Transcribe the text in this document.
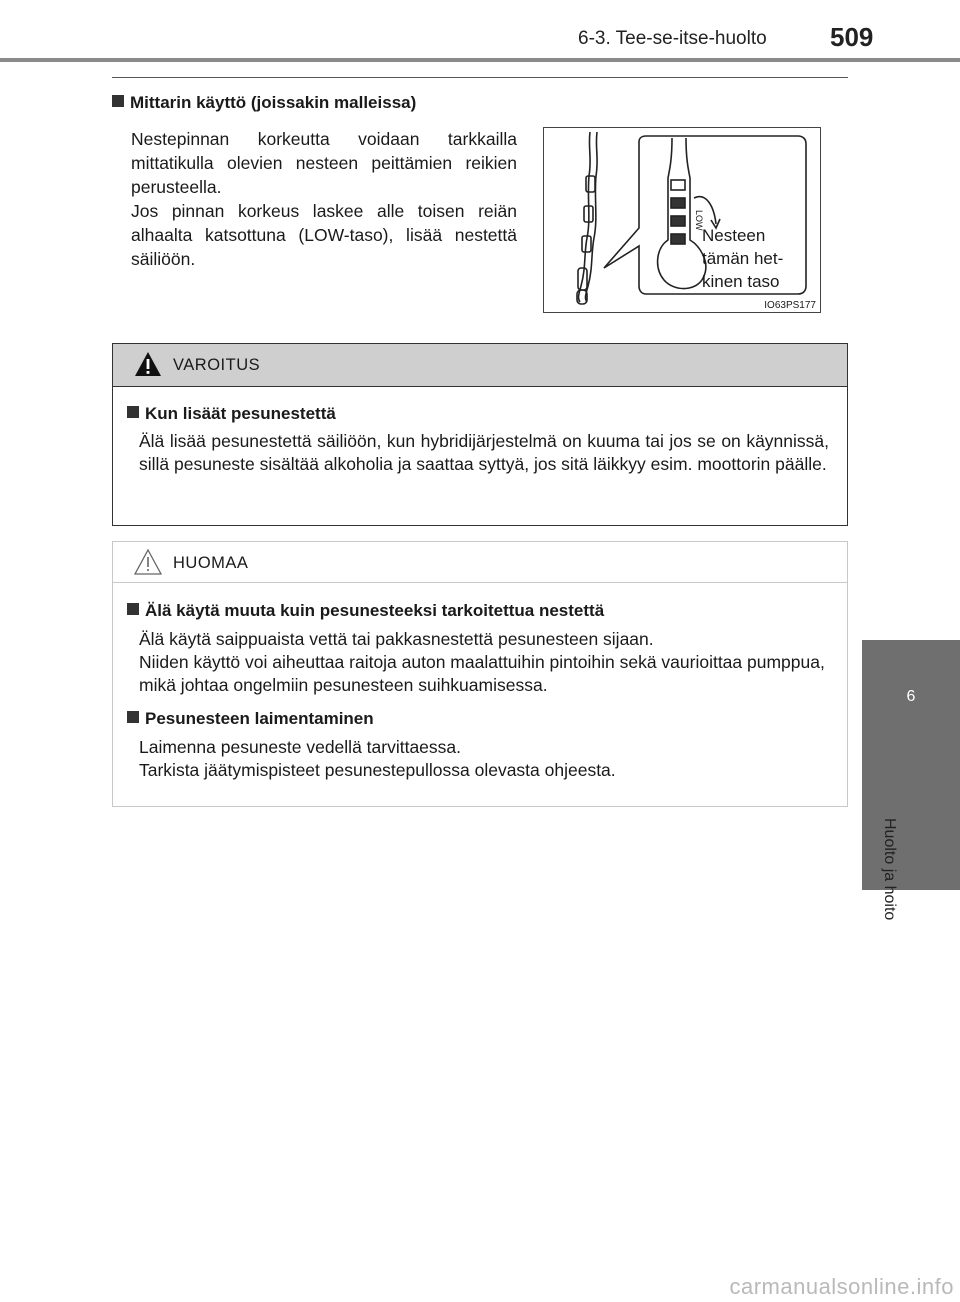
6-3. Tee-se-itse-huolto 509
6
Huolto ja hoito
Mittarin käyttö (joissakin malleissa)

Nestepinnan korkeutta voidaan tarkkailla mittatikulla olevien nesteen peittämien reikien perusteella.

Jos pinnan korkeus laskee alle toisen reiän alhaalta katsottuna (LOW-taso), lisää nestettä säiliöön.

LOW
Nesteen
tämän het-
kinen taso
IO63PS177
VAROITUS
Kun lisäät pesunestettä
Älä lisää pesunestettä säiliöön, kun hybridijärjestelmä on kuuma tai jos se on käynnissä, sillä pesuneste sisältää alkoholia ja saattaa syttyä, jos sitä läikkyy esim. moottorin päälle.
HUOMAA
Älä käytä muuta kuin pesunesteeksi tarkoitettua nestettä

Älä käytä saippuaista vettä tai pakkasnestettä pesunesteen sijaan.

Niiden käyttö voi aiheuttaa raitoja auton maalattuihin pintoihin sekä vaurioittaa pumppua, mikä johtaa ongelmiin pesunesteen suihkuamisessa.

Pesunesteen laimentaminen

Laimenna pesuneste vedellä tarvittaessa.

Tarkista jäätymispisteet pesunestepullossa olevasta ohjeesta.

carmanualsonline.info
